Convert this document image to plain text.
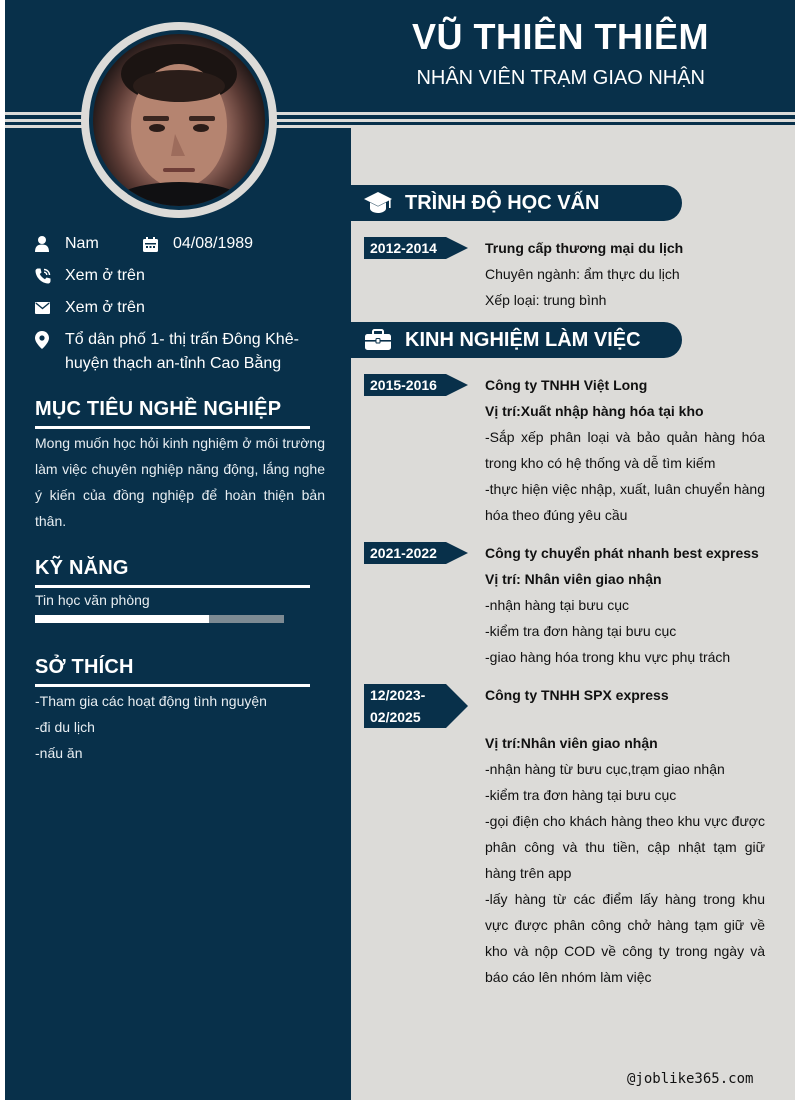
VŨ THIÊN THIÊM
NHÂN VIÊN TRẠM GIAO NHẬN
Nam	04/08/1989
Xem ở trên
Xem ở trên
Tổ dân phố 1- thị trấn Đông Khê-
huyện thạch an-tỉnh Cao Bằng
MỤC TIÊU NGHỀ NGHIỆP
Mong muốn học hỏi kinh nghiệm ở môi trường làm việc chuyên nghiệp năng động, lắng nghe ý kiến của đồng nghiệp để hoàn thiện bản thân.
KỸ NĂNG
Tin học văn phòng
SỞ THÍCH
-Tham gia các hoạt động tình nguyện
-đi du lịch
-nấu ăn
TRÌNH ĐỘ HỌC VẤN
2012-2014	Trung cấp thương mại du lịch
Chuyên ngành: ẩm thực du lịch
Xếp loại: trung bình
KINH NGHIỆM LÀM VIỆC
2015-2016	Công ty TNHH Việt Long
Vị trí:Xuất nhập hàng hóa tại kho
-Sắp xếp phân loại và bảo quản hàng hóa trong kho có hệ thống và dễ tìm kiếm
-thực hiện việc nhập, xuất, luân chuyển hàng hóa theo đúng yêu cầu
2021-2022	Công ty chuyển phát nhanh best express
Vị trí: Nhân viên giao nhận
-nhận hàng tại bưu cục
-kiểm tra đơn hàng tại bưu cục
-giao hàng hóa trong khu vực phụ trách
12/2023-
02/2025
Công ty TNHH SPX express
Vị trí:Nhân viên giao nhận
-nhận hàng từ bưu cục,trạm giao nhận
-kiểm tra đơn hàng tại bưu cục
-gọi điện cho khách hàng theo khu vực được phân công và thu tiền, cập nhật tạm giữ hàng trên app
-lấy hàng từ các điểm lấy hàng trong khu vực được phân công chở hàng tạm giữ về kho và nộp COD về công ty trong ngày và báo cáo lên nhóm làm việc
@joblike365.com
